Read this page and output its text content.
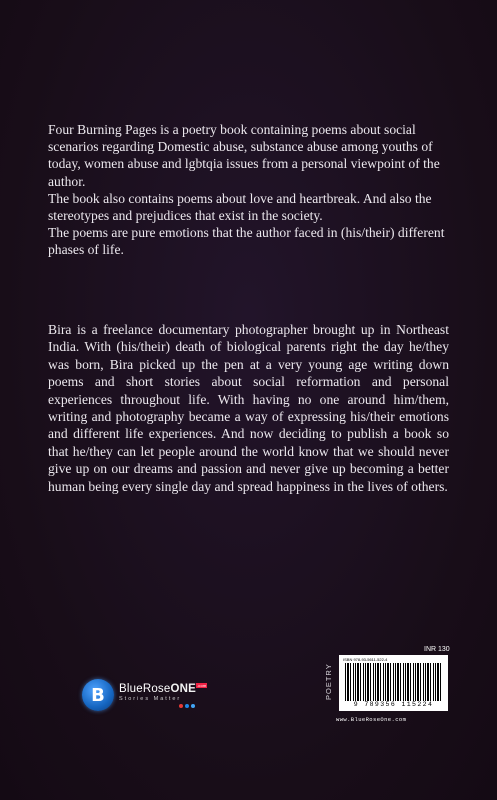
Four Burning Pages is a poetry book containing poems about social scenarios regarding Domestic abuse, substance abuse among youths of today, women abuse and lgbtqia issues from a personal viewpoint of the author.

The book also contains poems about love and heartbreak. And also the stereotypes and prejudices that exist in the society.

The poems are pure emotions that the author faced in (his/their) different phases of life.

Bira is a freelance documentary photographer brought up in Northeast India. With (his/their) death of biological parents right the day he/they was born, Bira picked up the pen at a very young age writing down poems and short stories about social reformation and personal experiences throughout life. With having no one around him/them, writing and photography became a way of expressing his/their emotions and different life experiences. And now deciding to publish a book so that he/they can let people around the world know that we should never give up on our dreams and passion and never give up becoming a better human being every single day and spread happiness in the lives of others.

B BlueRoseONE$^{.com}$
Stories Matter	POETRY
INR 130
ISBN 978-93-5611-522-4
9 789356 115224
www.BlueRoseOne.com
